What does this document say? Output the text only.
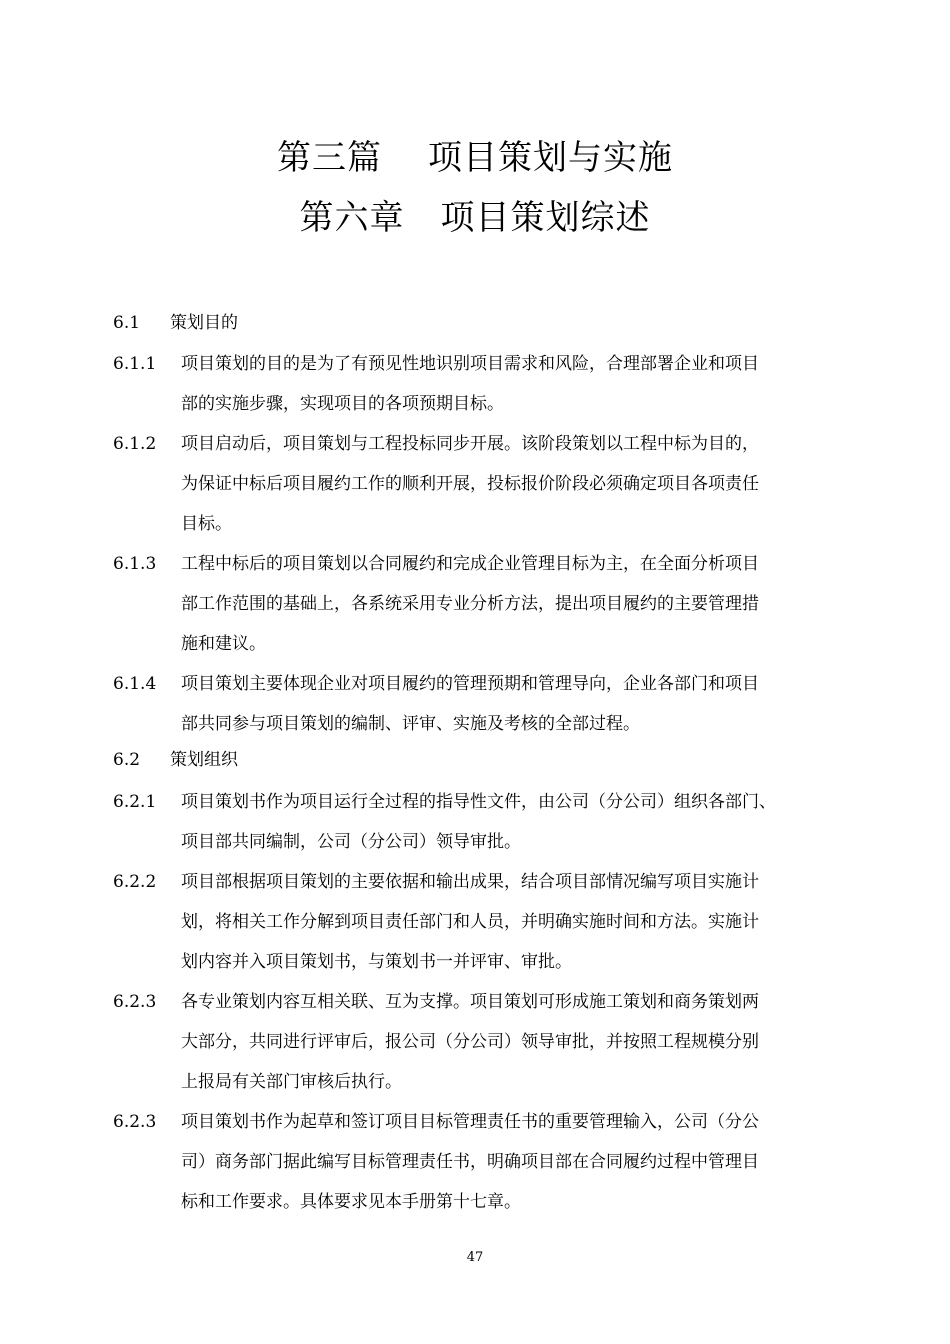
第三篇 项目策划与实施
第六章 项目策划综述
6.1 策划目的
6.1.1 项目策划的目的是为了有预见性地识别项目需求和风险，合理部署企业和项目
部的实施步骤，实现项目的各项预期目标。
6.1.2 项目启动后，项目策划与工程投标同步开展。该阶段策划以工程中标为目的，
为保证中标后项目履约工作的顺利开展，投标报价阶段必须确定项目各项责任
目标。
6.1.3 工程中标后的项目策划以合同履约和完成企业管理目标为主，在全面分析项目
部工作范围的基础上，各系统采用专业分析方法，提出项目履约的主要管理措
施和建议。
6.1.4 项目策划主要体现企业对项目履约的管理预期和管理导向，企业各部门和项目
部共同参与项目策划的编制、评审、实施及考核的全部过程。
6.2 策划组织
6.2.1 项目策划书作为项目运行全过程的指导性文件，由公司（分公司）组织各部门、
项目部共同编制，公司（分公司）领导审批。
6.2.2 项目部根据项目策划的主要依据和输出成果，结合项目部情况编写项目实施计
划，将相关工作分解到项目责任部门和人员，并明确实施时间和方法。实施计
划内容并入项目策划书，与策划书一并评审、审批。
6.2.3 各专业策划内容互相关联、互为支撑。项目策划可形成施工策划和商务策划两
大部分，共同进行评审后，报公司（分公司）领导审批，并按照工程规模分别
上报局有关部门审核后执行。
6.2.3 项目策划书作为起草和签订项目目标管理责任书的重要管理输入，公司（分公
司）商务部门据此编写目标管理责任书，明确项目部在合同履约过程中管理目
标和工作要求。具体要求见本手册第十七章。
47
